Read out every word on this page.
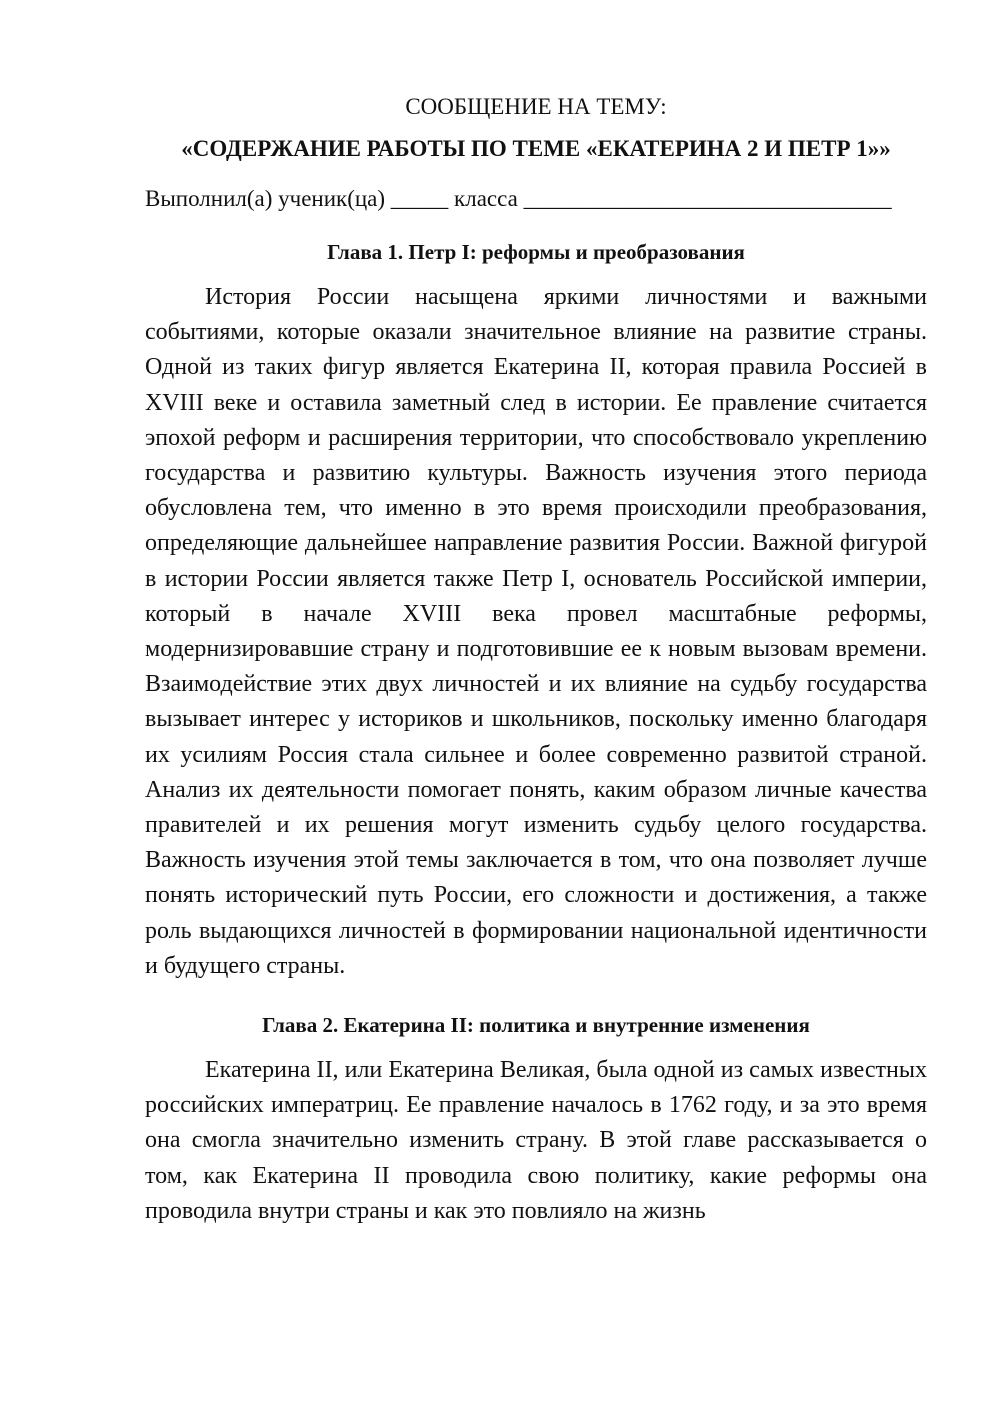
СООБЩЕНИЕ НА ТЕМУ:

«СОДЕРЖАНИЕ РАБОТЫ ПО ТЕМЕ «ЕКАТЕРИНА 2 И ПЕТР 1»»

Выполнил(а) ученик(ца) _____ класса ________________________________
Глава 1. Петр I: реформы и преобразования

История России насыщена яркими личностями и важными событиями, которые оказали значительное влияние на развитие страны. Одной из таких фигур является Екатерина II, которая правила Россией в XVIII веке и оставила заметный след в истории. Ее правление считается эпохой реформ и расширения территории, что способствовало укреплению государства и развитию культуры. Важность изучения этого периода обусловлена тем, что именно в это время происходили преобразования, определяющие дальнейшее направление развития России. Важной фигурой в истории России является также Петр I, основатель Российской империи, который в начале XVIII века провел масштабные реформы, модернизировавшие страну и подготовившие ее к новым вызовам времени. Взаимодействие этих двух личностей и их влияние на судьбу государства вызывает интерес у историков и школьников, поскольку именно благодаря их усилиям Россия стала сильнее и более современно развитой страной. Анализ их деятельности помогает понять, каким образом личные качества правителей и их решения могут изменить судьбу целого государства. Важность изучения этой темы заключается в том, что она позволяет лучше понять исторический путь России, его сложности и достижения, а также роль выдающихся личностей в формировании национальной идентичности и будущего страны.

Глава 2. Екатерина II: политика и внутренние изменения

Екатерина II, или Екатерина Великая, была одной из самых известных российских императриц. Ее правление началось в 1762 году, и за это время она смогла значительно изменить страну. В этой главе рассказывается о том, как Екатерина II проводила свою политику, какие реформы она проводила внутри страны и как это повлияло на жизнь
